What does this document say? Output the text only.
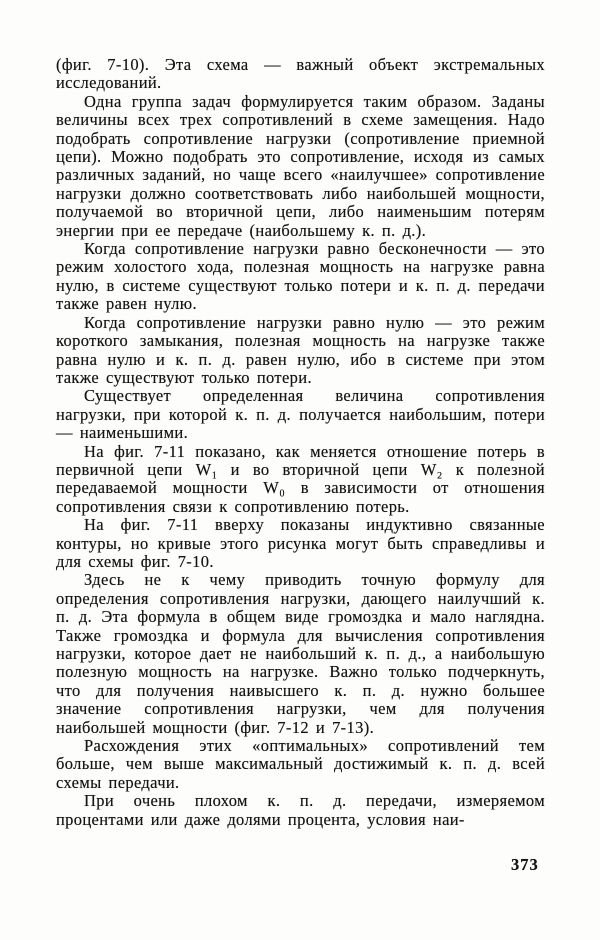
(фиг. 7-10). Эта схема — важный объект экстремальных исследований.

Одна группа задач формулируется таким образом. Заданы величины всех трех сопротивлений в схеме замещения. Надо подобрать сопротивление нагрузки (сопротивление приемной цепи). Можно подобрать это сопротивление, исходя из самых различных заданий, но чаще всего «наилучшее» сопротивление нагрузки должно соответствовать либо наибольшей мощности, получаемой во вторичной цепи, либо наименьшим потерям энергии при ее передаче (наибольшему к. п. д.).

Когда сопротивление нагрузки равно бесконечности — это режим холостого хода, полезная мощность на нагрузке равна нулю, в системе существуют только потери и к. п. д. передачи также равен нулю.

Когда сопротивление нагрузки равно нулю — это режим короткого замыкания, полезная мощность на нагрузке также равна нулю и к. п. д. равен нулю, ибо в системе при этом также существуют только потери.

Существует определенная величина сопротивления нагрузки, при которой к. п. д. получается наибольшим, потери — наименьшими.

На фиг. 7-11 показано, как меняется отношение потерь в первичной цепи W₁ и во вторичной цепи W₂ к полезной передаваемой мощности W₀ в зависимости от отношения сопротивления связи к сопротивлению потерь.

На фиг. 7-11 вверху показаны индуктивно связанные контуры, но кривые этого рисунка могут быть справедливы и для схемы фиг. 7-10.

Здесь не к чему приводить точную формулу для определения сопротивления нагрузки, дающего наилучший к. п. д. Эта формула в общем виде громоздка и мало наглядна. Также громоздка и формула для вычисления сопротивления нагрузки, которое дает не наибольший к. п. д., а наибольшую полезную мощность на нагрузке. Важно только подчеркнуть, что для получения наивысшего к. п. д. нужно большее значение сопротивления нагрузки, чем для получения наибольшей мощности (фиг. 7-12 и 7-13).

Расхождения этих «оптимальных» сопротивлений тем больше, чем выше максимальный достижимый к. п. д. всей схемы передачи.

При очень плохом к. п. д. передачи, измеряемом процентами или даже долями процента, условия наи-

373
